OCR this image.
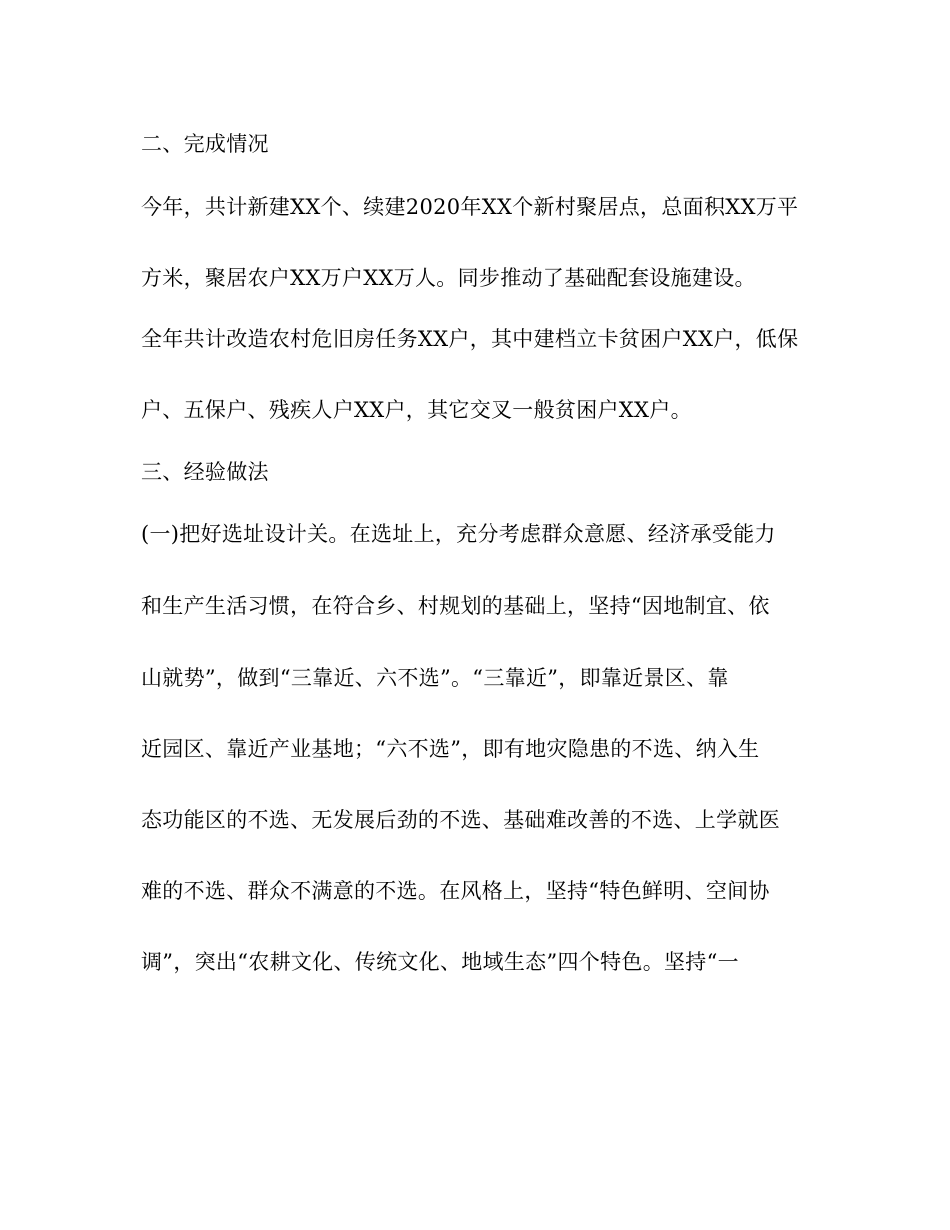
二、完成情况
今年，共计新建XX个、续建2020年XX个新村聚居点，总面积XX万平
方米，聚居农户XX万户XX万人。同步推动了基础配套设施建设。
全年共计改造农村危旧房任务XX户，其中建档立卡贫困户XX户，低保
户、五保户、残疾人户XX户，其它交叉一般贫困户XX户。
三、经验做法
(一)把好选址设计关。在选址上，充分考虑群众意愿、经济承受能力
和生产生活习惯，在符合乡、村规划的基础上，坚持“因地制宜、依
山就势”，做到“三靠近、六不选”。“三靠近”，即靠近景区、靠
近园区、靠近产业基地；“六不选”，即有地灾隐患的不选、纳入生
态功能区的不选、无发展后劲的不选、基础难改善的不选、上学就医
难的不选、群众不满意的不选。在风格上，坚持“特色鲜明、空间协
调”，突出“农耕文化、传统文化、地域生态”四个特色。坚持“一
